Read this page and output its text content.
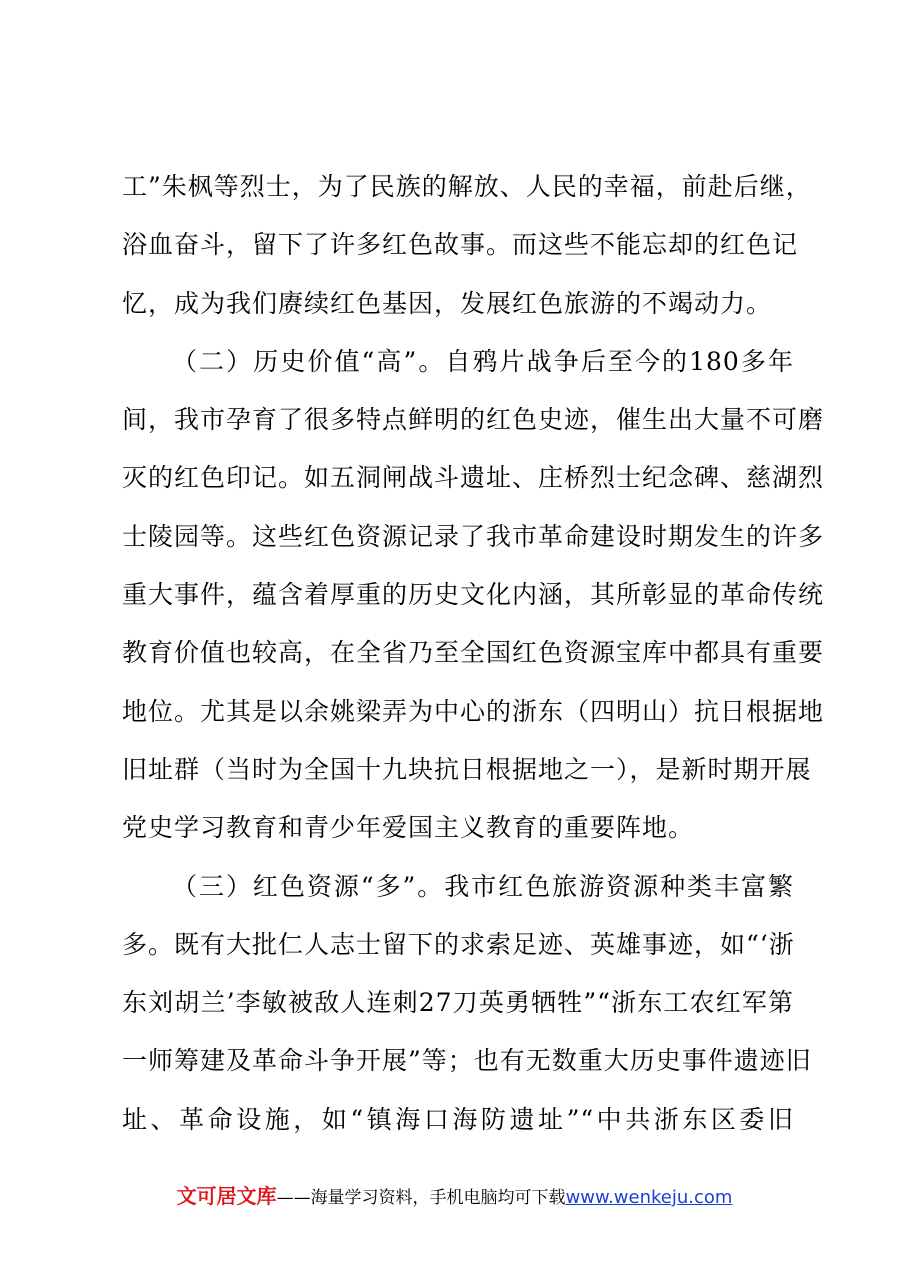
工”朱枫等烈士，为了民族的解放、人民的幸福，前赴后继，
浴血奋斗，留下了许多红色故事。而这些不能忘却的红色记
忆，成为我们赓续红色基因，发展红色旅游的不竭动力。
（二）历史价值“高”。自鸦片战争后至今的180多年
间，我市孕育了很多特点鲜明的红色史迹，催生出大量不可磨
灭的红色印记。如五洞闸战斗遗址、庄桥烈士纪念碑、慈湖烈
士陵园等。这些红色资源记录了我市革命建设时期发生的许多
重大事件，蕴含着厚重的历史文化内涵，其所彰显的革命传统
教育价值也较高，在全省乃至全国红色资源宝库中都具有重要
地位。尤其是以余姚梁弄为中心的浙东（四明山）抗日根据地
旧址群（当时为全国十九块抗日根据地之一），是新时期开展
党史学习教育和青少年爱国主义教育的重要阵地。
（三）红色资源“多”。我市红色旅游资源种类丰富繁
多。既有大批仁人志士留下的求索足迹、英雄事迹，如“‘浙
东刘胡兰’李敏被敌人连刺27刀英勇牺牲”“浙东工农红军第
一师筹建及革命斗争开展”等；也有无数重大历史事件遗迹旧
址、革命设施，如“镇海口海防遗址”“中共浙东区委旧
文可居文库——海量学习资料，手机电脑均可下载www.wenkeju.com
